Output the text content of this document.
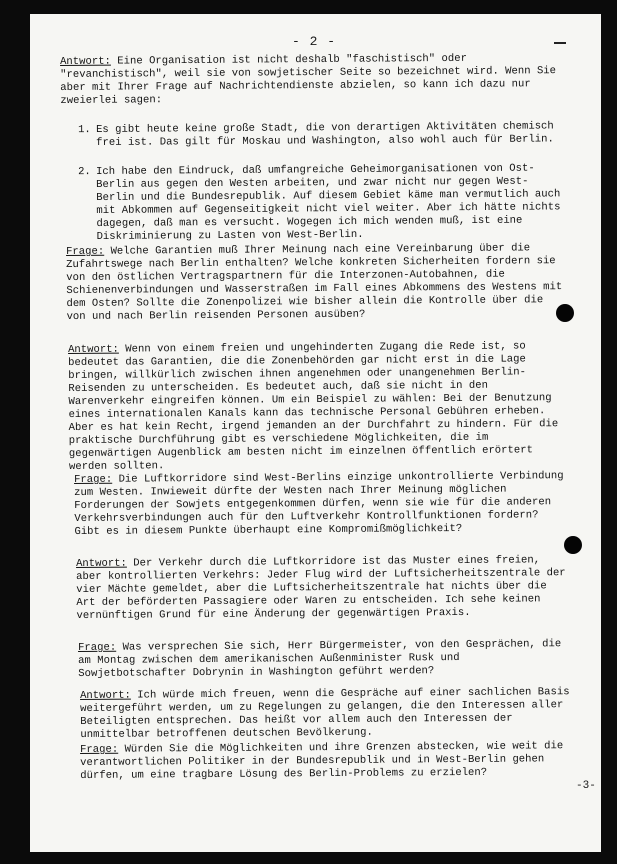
- 2 -
Antwort: Eine Organisation ist nicht deshalb "faschistisch" oder "revanchistisch", weil sie von sowjetischer Seite so bezeichnet wird. Wenn Sie aber mit Ihrer Frage auf Nachrichtendienste abzielen, so kann ich dazu nur zweierlei sagen:
1. Es gibt heute keine große Stadt, die von derartigen Aktivitäten chemisch frei ist. Das gilt für Moskau und Washington, also wohl auch für Berlin.
2. Ich habe den Eindruck, daß umfangreiche Geheimorganisationen von Ost-Berlin aus gegen den Westen arbeiten, und zwar nicht nur gegen West-Berlin und die Bundesrepublik. Auf diesem Gebiet käme man vermutlich auch mit Abkommen auf Gegenseitigkeit nicht viel weiter. Aber ich hätte nichts dagegen, daß man es versucht. Wogegen ich mich wenden muß, ist eine Diskriminierung zu Lasten von West-Berlin.
Frage: Welche Garantien muß Ihrer Meinung nach eine Vereinbarung über die Zufahrtswege nach Berlin enthalten? Welche konkreten Sicherheiten fordern sie von den östlichen Vertragspartnern für die Interzonen-Autobahnen, die Schienenverbindungen und Wasserstraßen im Fall eines Abkommens des Westens mit dem Osten? Sollte die Zonenpolizei wie bisher allein die Kontrolle über die von und nach Berlin reisenden Personen ausüben?
Antwort: Wenn von einem freien und ungehinderten Zugang die Rede ist, so bedeutet das Garantien, die die Zonenbehörden gar nicht erst in die Lage bringen, willkürlich zwischen ihnen angenehmen oder unangenehmen Berlin-Reisenden zu unterscheiden. Es bedeutet auch, daß sie nicht in den Warenverkehr eingreifen können. Um ein Beispiel zu wählen: Bei der Benutzung eines internationalen Kanals kann das technische Personal Gebühren erheben. Aber es hat kein Recht, irgend jemanden an der Durchfahrt zu hindern. Für die praktische Durchführung gibt es verschiedene Möglichkeiten, die im gegenwärtigen Augenblick am besten nicht im einzelnen öffentlich erörtert werden sollten.
Frage: Die Luftkorridore sind West-Berlins einzige unkontrollierte Verbindung zum Westen. Inwieweit dürfte der Westen nach Ihrer Meinung möglichen Forderungen der Sowjets entgegenkommen dürfen, wenn sie wie für die anderen Verkehrsverbindungen auch für den Luftverkehr Kontrollfunktionen fordern? Gibt es in diesem Punkte überhaupt eine Kompromißmöglichkeit?
Antwort: Der Verkehr durch die Luftkorridore ist das Muster eines freien, aber kontrollierten Verkehrs: Jeder Flug wird der Luftsicherheitszentrale der vier Mächte gemeldet, aber die Luftsicherheitszentrale hat nichts über die Art der beförderten Passagiere oder Waren zu entscheiden. Ich sehe keinen vernünftigen Grund für eine Änderung der gegenwärtigen Praxis.
Frage: Was versprechen Sie sich, Herr Bürgermeister, von den Gesprächen, die am Montag zwischen dem amerikanischen Außenminister Rusk und Sowjetbotschafter Dobrynin in Washington geführt werden?
Antwort: Ich würde mich freuen, wenn die Gespräche auf einer sachlichen Basis weitergeführt werden, um zu Regelungen zu gelangen, die den Interessen aller Beteiligten entsprechen. Das heißt vor allem auch den Interessen der unmittelbar betroffenen deutschen Bevölkerung.
Frage: Würden Sie die Möglichkeiten und ihre Grenzen abstecken, wie weit die verantwortlichen Politiker in der Bundesrepublik und in West-Berlin gehen dürfen, um eine tragbare Lösung des Berlin-Problems zu erzielen?
-3-
